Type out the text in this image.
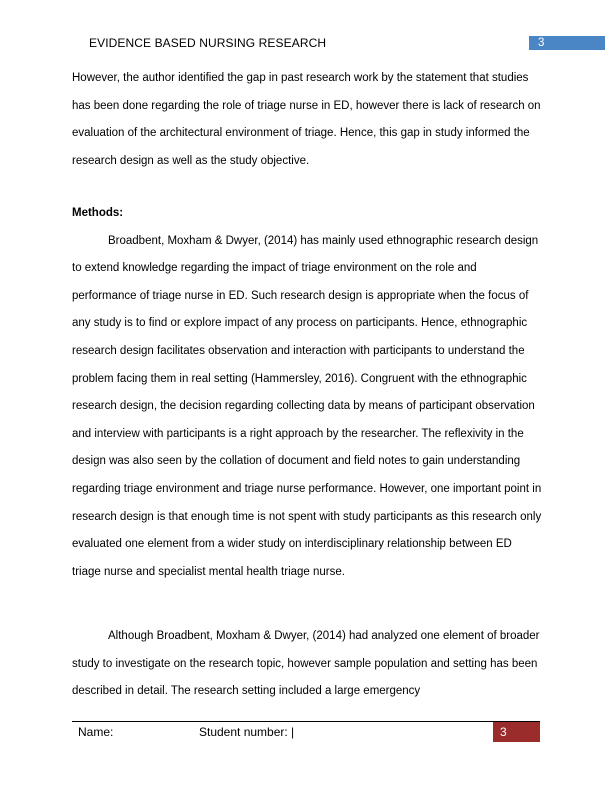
EVIDENCE BASED NURSING RESEARCH	3

However, the author identified the gap in past research work by the statement that studies has been done regarding the role of triage nurse in ED, however there is lack of research on evaluation of the architectural environment of triage. Hence, this gap in study informed the research design as well as the study objective.

Methods:

Broadbent, Moxham & Dwyer, (2014) has mainly used ethnographic research design to extend knowledge regarding the impact of triage environment on the role and performance of triage nurse in ED. Such research design is appropriate when the focus of any study is to find or explore impact of any process on participants. Hence, ethnographic research design facilitates observation and interaction with participants to understand the problem facing them in real setting (Hammersley, 2016). Congruent with the ethnographic research design, the decision regarding collecting data by means of participant observation and interview with participants is a right approach by the researcher. The reflexivity in the design was also seen by the collation of document and field notes to gain understanding regarding triage environment and triage nurse performance. However, one important point in research design is that enough time is not spent with study participants as this research only evaluated one element from a wider study on interdisciplinary relationship between ED triage nurse and specialist mental health triage nurse.

Although Broadbent, Moxham & Dwyer, (2014) had analyzed one element of broader study to investigate on the research topic, however sample population and setting has been described in detail. The research setting included a large emergency

Name:	Student number: |	3
